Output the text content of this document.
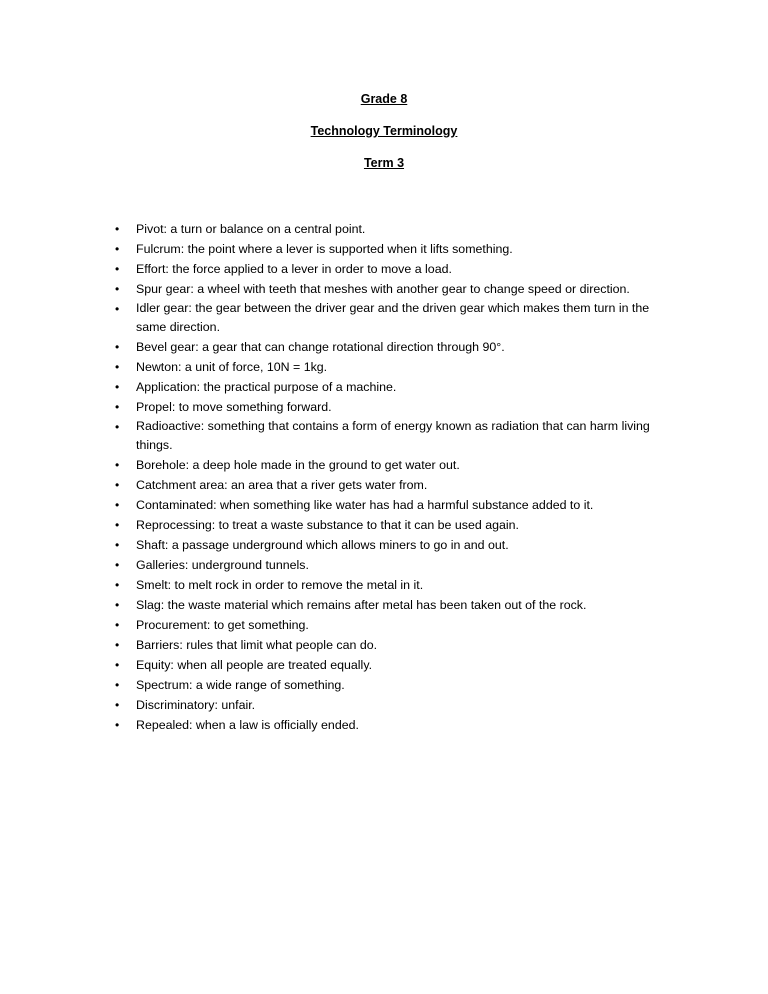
Grade 8
Technology Terminology
Term 3
•
Pivot: a turn or balance on a central point.
•
Fulcrum: the point where a lever is supported when it lifts something.
•
Effort: the force applied to a lever in order to move a load.
•
Spur gear: a wheel with teeth that meshes with another gear to change speed or direction.
•
Idler gear: the gear between the driver gear and the driven gear which makes them turn in the same direction.
•
Bevel gear: a gear that can change rotational direction through 90°.
•
Newton: a unit of force, 10N = 1kg.
•
Application: the practical purpose of a machine.
•
Propel: to move something forward.
•
Radioactive: something that contains a form of energy known as radiation that can harm living things.
•
Borehole: a deep hole made in the ground to get water out.
•
Catchment area: an area that a river gets water from.
•
Contaminated: when something like water has had a harmful substance added to it.
•
Reprocessing: to treat a waste substance to that it can be used again.
•
Shaft: a passage underground which allows miners to go in and out.
•
Galleries: underground tunnels.
•
Smelt: to melt rock in order to remove the metal in it.
•
Slag: the waste material which remains after metal has been taken out of the rock.
•
Procurement: to get something.
•
Barriers: rules that limit what people can do.
•
Equity: when all people are treated equally.
•
Spectrum: a wide range of something.
•
Discriminatory: unfair.
•
Repealed: when a law is officially ended.
